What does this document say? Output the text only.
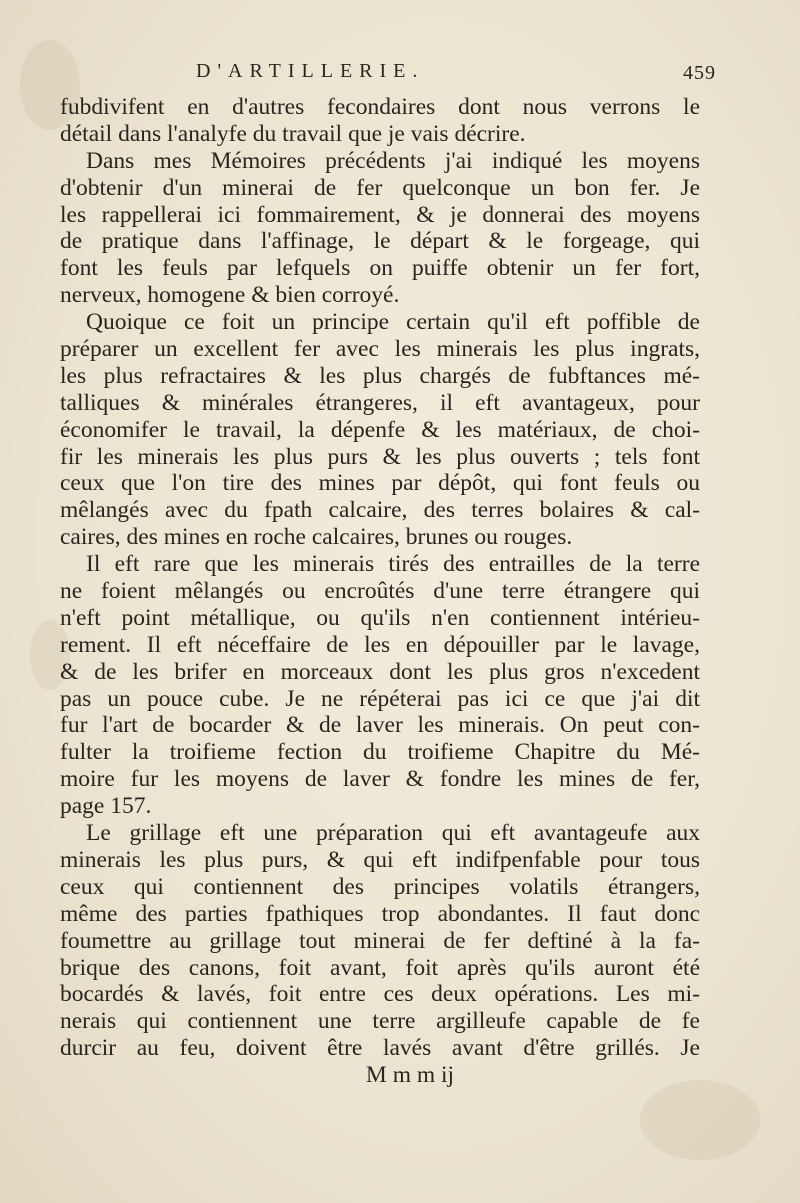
D'ARTILLERIE.	459
fubdivifent en d'autres fecondaires dont nous verrons le
détail dans l'analyfe du travail que je vais décrire.
Dans mes Mémoires précédents j'ai indiqué les moyens
d'obtenir d'un minerai de fer quelconque un bon fer. Je
les rappellerai ici fommairement, & je donnerai des moyens
de pratique dans l'affinage, le départ & le forgeage, qui
font les feuls par lefquels on puiffe obtenir un fer fort,
nerveux, homogene & bien corroyé.
Quoique ce foit un principe certain qu'il eft poffible de
préparer un excellent fer avec les minerais les plus ingrats,
les plus refractaires & les plus chargés de fubftances mé-
talliques & minérales étrangeres, il eft avantageux, pour
économifer le travail, la dépenfe & les matériaux, de choi-
fir les minerais les plus purs & les plus ouverts ; tels font
ceux que l'on tire des mines par dépôt, qui font feuls ou
mêlangés avec du fpath calcaire, des terres bolaires & cal-
caires, des mines en roche calcaires, brunes ou rouges.
Il eft rare que les minerais tirés des entrailles de la terre
ne foient mêlangés ou encroûtés d'une terre étrangere qui
n'eft point métallique, ou qu'ils n'en contiennent intérieu-
rement. Il eft néceffaire de les en dépouiller par le lavage,
& de les brifer en morceaux dont les plus gros n'excedent
pas un pouce cube. Je ne répéterai pas ici ce que j'ai dit
fur l'art de bocarder & de laver les minerais. On peut con-
fulter la troifieme fection du troifieme Chapitre du Mé-
moire fur les moyens de laver & fondre les mines de fer,
page 157.
Le grillage eft une préparation qui eft avantageufe aux
minerais les plus purs, & qui eft indifpenfable pour tous
ceux qui contiennent des principes volatils étrangers,
même des parties fpathiques trop abondantes. Il faut donc
foumettre au grillage tout minerai de fer deftiné à la fa-
brique des canons, foit avant, foit après qu'ils auront été
bocardés & lavés, foit entre ces deux opérations. Les mi-
nerais qui contiennent une terre argilleufe capable de fe
durcir au feu, doivent être lavés avant d'être grillés. Je
M m m ij
